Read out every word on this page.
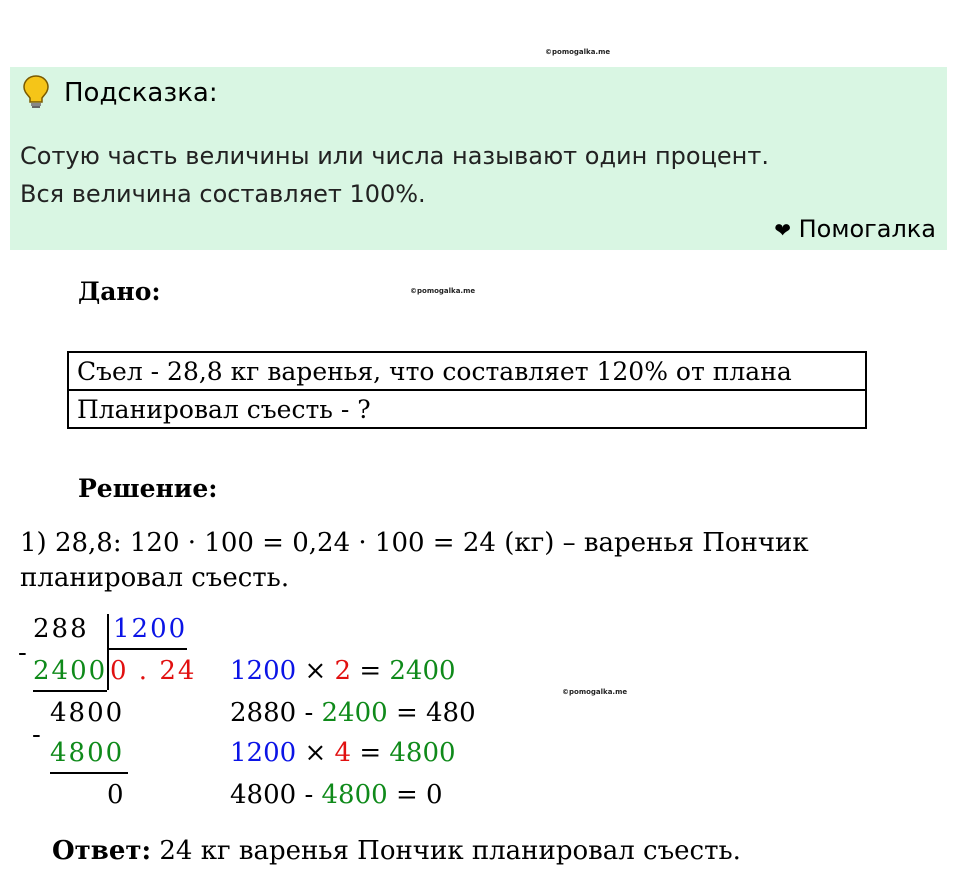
©pomogalka.me
©pomogalka.me
©pomogalka.me
Подсказка:
Сотую часть величины или числа называют один процент.
Вся величина составляет 100%.
❤ Помогалка
Дано:
Съел - 28,8 кг варенья, что составляет 120% от плана
Планировал съесть - ?
Решение:
1) 28,8: 120 · 100 = 0,24 · 100 = 24 (кг) – варенья Пончик
планировал съесть.
288 1200
-
2400 0 . 24
4800
-
4800
0
1200 × 2 = 2400
2880 - 2400 = 480
1200 × 4 = 4800
4800 - 4800 = 0
Ответ: 24 кг варенья Пончик планировал съесть.
